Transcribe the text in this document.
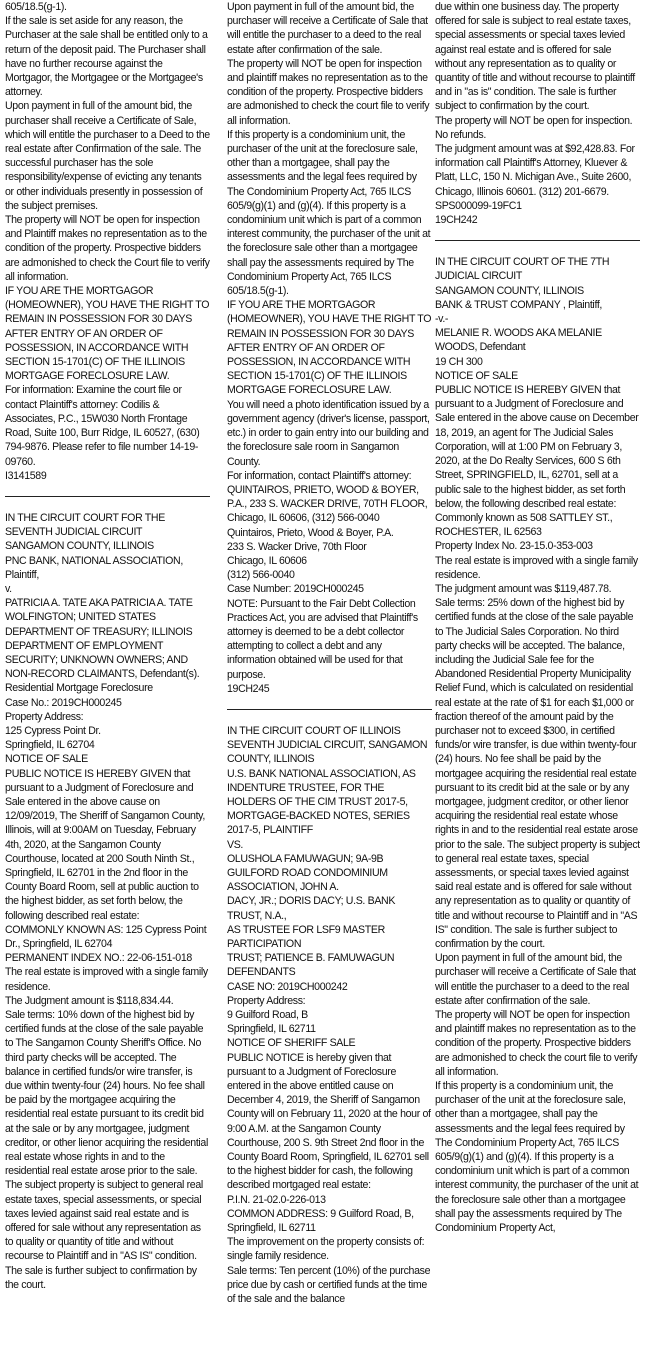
605/18.5(g-1).

If the sale is set aside for any reason, the Purchaser at the sale shall be entitled only to a return of the deposit paid. The Purchaser shall have no further recourse against the Mortgagor, the Mortgagee or the Mortgagee's attorney.

Upon payment in full of the amount bid, the purchaser shall receive a Certificate of Sale, which will entitle the purchaser to a Deed to the real estate after Confirmation of the sale. The successful purchaser has the sole responsibility/expense of evicting any tenants or other individuals presently in possession of the subject premises.

The property will NOT be open for inspection and Plaintiff makes no representation as to the condition of the property. Prospective bidders are admonished to check the Court file to verify all information.

IF YOU ARE THE MORTGAGOR (HOMEOWNER), YOU HAVE THE RIGHT TO REMAIN IN POSSESSION FOR 30 DAYS AFTER ENTRY OF AN ORDER OF POSSESSION, IN ACCORDANCE WITH SECTION 15-1701(C) OF THE ILLINOIS MORTGAGE FORECLOSURE LAW.

For information: Examine the court file or contact Plaintiff's attorney: Codilis & Associates, P.C., 15W030 North Frontage Road, Suite 100, Burr Ridge, IL 60527, (630) 794-9876. Please refer to file number 14-19-09760.

I3141589

IN THE CIRCUIT COURT FOR THE SEVENTH JUDICIAL CIRCUIT

SANGAMON COUNTY, ILLINOIS

PNC BANK, NATIONAL ASSOCIATION, Plaintiff,

v.

PATRICIA A. TATE AKA PATRICIA A. TATE WOLFINGTON; UNITED STATES DEPARTMENT OF TREASURY; ILLINOIS DEPARTMENT OF EMPLOYMENT SECURITY; UNKNOWN OWNERS; AND NON-RECORD CLAIMANTS, Defendant(s). Residential Mortgage Foreclosure

Case No.: 2019CH000245

Property Address:

125 Cypress Point Dr.

Springfield, IL 62704

NOTICE OF SALE

PUBLIC NOTICE IS HEREBY GIVEN that pursuant to a Judgment of Foreclosure and Sale entered in the above cause on 12/09/2019, The Sheriff of Sangamon County, Illinois, will at 9:00AM on Tuesday, February 4th, 2020, at the Sangamon County Courthouse, located at 200 South Ninth St., Springfield, IL 62701 in the 2nd floor in the County Board Room, sell at public auction to the highest bidder, as set forth below, the following described real estate:

COMMONLY KNOWN AS: 125 Cypress Point Dr., Springfield, IL 62704

PERMANENT INDEX NO.: 22-06-151-018

The real estate is improved with a single family residence.

The Judgment amount is $118,834.44.

Sale terms: 10% down of the highest bid by certified funds at the close of the sale payable to The Sangamon County Sheriff's Office. No third party checks will be accepted. The balance in certified funds/or wire transfer, is due within twenty-four (24) hours. No fee shall be paid by the mortgagee acquiring the residential real estate pursuant to its credit bid at the sale or by any mortgagee, judgment creditor, or other lienor acquiring the residential real estate whose rights in and to the residential real estate arose prior to the sale. The subject property is subject to general real estate taxes, special assessments, or special taxes levied against said real estate and is offered for sale without any representation as to quality or quantity of title and without recourse to Plaintiff and in "AS IS" condition. The sale is further subject to confirmation by the court.

Upon payment in full of the amount bid, the purchaser will receive a Certificate of Sale that will entitle the purchaser to a deed to the real estate after confirmation of the sale.

The property will NOT be open for inspection and plaintiff makes no representation as to the condition of the property. Prospective bidders are admonished to check the court file to verify all information.

If this property is a condominium unit, the purchaser of the unit at the foreclosure sale, other than a mortgagee, shall pay the assessments and the legal fees required by The Condominium Property Act, 765 ILCS 605/9(g)(1) and (g)(4). If this property is a condominium unit which is part of a common interest community, the purchaser of the unit at the foreclosure sale other than a mortgagee shall pay the assessments required by The Condominium Property Act, 765 ILCS 605/18.5(g-1).

IF YOU ARE THE MORTGAGOR (HOMEOWNER), YOU HAVE THE RIGHT TO REMAIN IN POSSESSION FOR 30 DAYS AFTER ENTRY OF AN ORDER OF POSSESSION, IN ACCORDANCE WITH SECTION 15-1701(C) OF THE ILLINOIS MORTGAGE FORECLOSURE LAW.

You will need a photo identification issued by a government agency (driver's license, passport, etc.) in order to gain entry into our building and the foreclosure sale room in Sangamon County.

For information, contact Plaintiff's attorney: QUINTAIROS, PRIETO, WOOD & BOYER, P.A., 233 S. WACKER DRIVE, 70TH FLOOR, Chicago, IL 60606, (312) 566-0040

Quintairos, Prieto, Wood & Boyer, P.A.

233 S. Wacker Drive, 70th Floor

Chicago, IL 60606

(312) 566-0040

Case Number: 2019CH000245

NOTE: Pursuant to the Fair Debt Collection Practices Act, you are advised that Plaintiff's attorney is deemed to be a debt collector attempting to collect a debt and any information obtained will be used for that purpose.

19CH245

IN THE CIRCUIT COURT OF ILLINOIS SEVENTH JUDICIAL CIRCUIT, SANGAMON COUNTY, ILLINOIS

U.S. BANK NATIONAL ASSOCIATION, AS INDENTURE TRUSTEE, FOR THE HOLDERS OF THE CIM TRUST 2017-5, MORTGAGE-BACKED NOTES, SERIES 2017-5, PLAINTIFF

VS.

OLUSHOLA FAMUWAGUN; 9A-9B GUILFORD ROAD CONDOMINIUM ASSOCIATION, JOHN A.

DACY, JR.; DORIS DACY; U.S. BANK TRUST, N.A.,

AS TRUSTEE FOR LSF9 MASTER PARTICIPATION

TRUST; PATIENCE B. FAMUWAGUN

DEFENDANTS

CASE NO: 2019CH000242

Property Address:

9 Guilford Road, B

Springfield, IL 62711

NOTICE OF SHERIFF SALE

PUBLIC NOTICE is hereby given that pursuant to a Judgment of Foreclosure entered in the above entitled cause on December 4, 2019, the Sheriff of Sangamon County will on February 11, 2020 at the hour of 9:00 A.M. at the Sangamon County Courthouse, 200 S. 9th Street 2nd floor in the County Board Room, Springfield, IL 62701 sell to the highest bidder for cash, the following described mortgaged real estate:

P.I.N. 21-02.0-226-013

COMMON ADDRESS: 9 Guilford Road, B, Springfield, IL 62711

The improvement on the property consists of: single family residence.

Sale terms: Ten percent (10%) of the purchase price due by cash or certified funds at the time of the sale and the balance

due within one business day. The property offered for sale is subject to real estate taxes, special assessments or special taxes levied against real estate and is offered for sale without any representation as to quality or quantity of title and without recourse to plaintiff and in "as is" condition. The sale is further subject to confirmation by the court.

The property will NOT be open for inspection.

No refunds.

The judgment amount was at $92,428.83. For information call Plaintiff's Attorney, Kluever & Platt, LLC, 150 N. Michigan Ave., Suite 2600, Chicago, Illinois 60601. (312) 201-6679. SPS000099-19FC1

19CH242

IN THE CIRCUIT COURT OF THE 7TH JUDICIAL CIRCUIT

SANGAMON COUNTY, ILLINOIS

BANK & TRUST COMPANY , Plaintiff,

-v.-

MELANIE R. WOODS AKA MELANIE WOODS, Defendant

19 CH 300

NOTICE OF SALE

PUBLIC NOTICE IS HEREBY GIVEN that pursuant to a Judgment of Foreclosure and Sale entered in the above cause on December 18, 2019, an agent for The Judicial Sales Corporation, will at 1:00 PM on February 3, 2020, at the Do Realty Services, 600 S 6th Street, SPRINGFIELD, IL, 62701, sell at a public sale to the highest bidder, as set forth below, the following described real estate:

Commonly known as 508 SATTLEY ST., ROCHESTER, IL 62563

Property Index No. 23-15.0-353-003

The real estate is improved with a single family residence.

The judgment amount was $119,487.78.

Sale terms: 25% down of the highest bid by certified funds at the close of the sale payable to The Judicial Sales Corporation. No third party checks will be accepted. The balance, including the Judicial Sale fee for the Abandoned Residential Property Municipality Relief Fund, which is calculated on residential real estate at the rate of $1 for each $1,000 or fraction thereof of the amount paid by the purchaser not to exceed $300, in certified funds/or wire transfer, is due within twenty-four (24) hours. No fee shall be paid by the mortgagee acquiring the residential real estate pursuant to its credit bid at the sale or by any mortgagee, judgment creditor, or other lienor acquiring the residential real estate whose rights in and to the residential real estate arose prior to the sale. The subject property is subject to general real estate taxes, special assessments, or special taxes levied against said real estate and is offered for sale without any representation as to quality or quantity of title and without recourse to Plaintiff and in "AS IS" condition. The sale is further subject to confirmation by the court.

Upon payment in full of the amount bid, the purchaser will receive a Certificate of Sale that will entitle the purchaser to a deed to the real estate after confirmation of the sale.

The property will NOT be open for inspection and plaintiff makes no representation as to the condition of the property. Prospective bidders are admonished to check the court file to verify all information.

If this property is a condominium unit, the purchaser of the unit at the foreclosure sale, other than a mortgagee, shall pay the assessments and the legal fees required by The Condominium Property Act, 765 ILCS 605/9(g)(1) and (g)(4). If this property is a condominium unit which is part of a common interest community, the purchaser of the unit at the foreclosure sale other than a mortgagee shall pay the assessments required by The Condominium Property Act,
